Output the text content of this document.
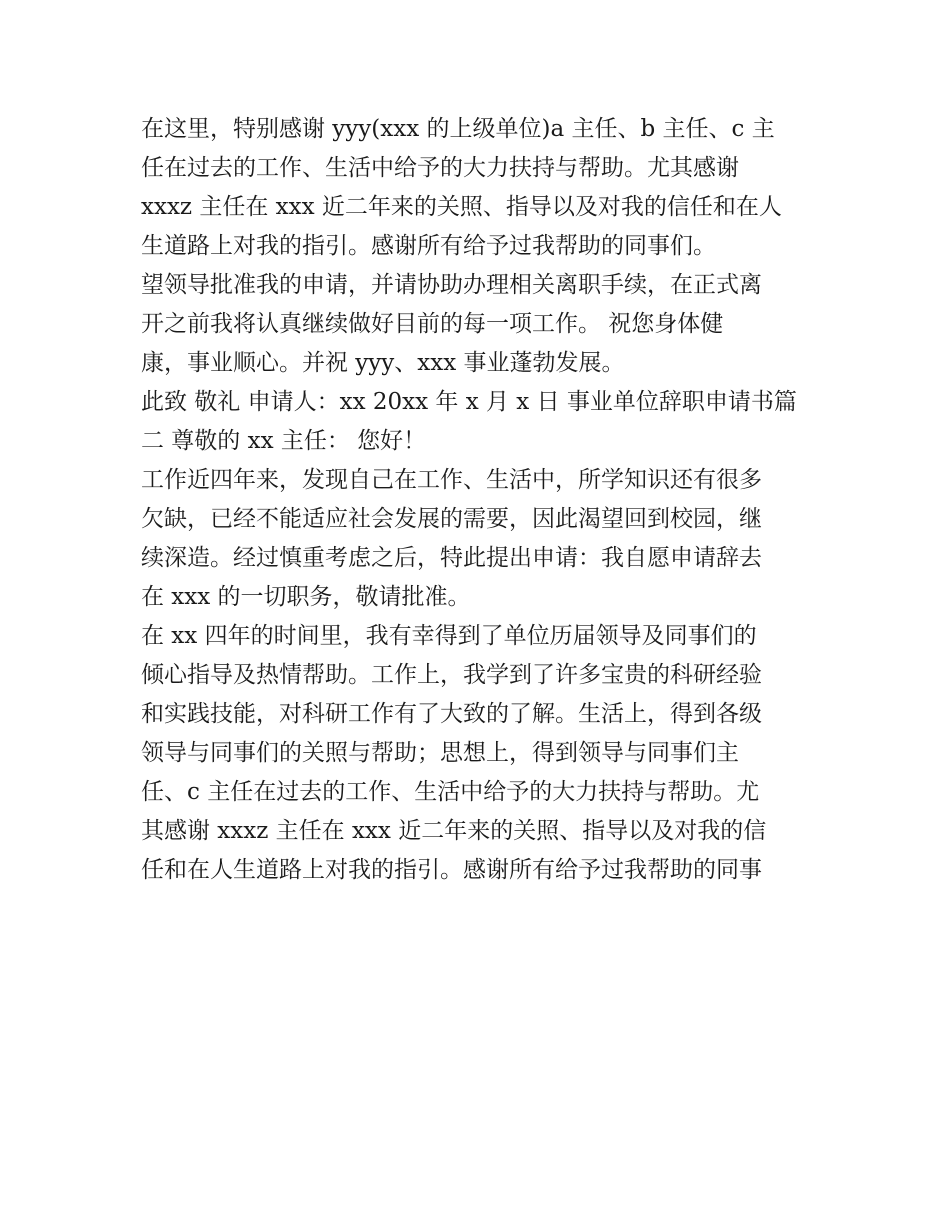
在这里，特别感谢 yyy(xxx 的上级单位)a 主任、b 主任、c 主

任在过去的工作、生活中给予的大力扶持与帮助。尤其感谢

xxxz 主任在 xxx 近二年来的关照、指导以及对我的信任和在人

生道路上对我的指引。感谢所有给予过我帮助的同事们。

望领导批准我的申请，并请协助办理相关离职手续，在正式离

开之前我将认真继续做好目前的每一项工作。 祝您身体健

康，事业顺心。并祝 yyy、xxx 事业蓬勃发展。

此致 敬礼 申请人：xx 20xx 年 x 月 x 日 事业单位辞职申请书篇

二 尊敬的 xx 主任： 您好！

工作近四年来，发现自己在工作、生活中，所学知识还有很多

欠缺，已经不能适应社会发展的需要，因此渴望回到校园，继

续深造。经过慎重考虑之后，特此提出申请：我自愿申请辞去

在 xxx 的一切职务，敬请批准。

在 xx 四年的时间里，我有幸得到了单位历届领导及同事们的

倾心指导及热情帮助。工作上，我学到了许多宝贵的科研经验

和实践技能，对科研工作有了大致的了解。生活上，得到各级

领导与同事们的关照与帮助；思想上，得到领导与同事们主

任、c 主任在过去的工作、生活中给予的大力扶持与帮助。尤

其感谢 xxxz 主任在 xxx 近二年来的关照、指导以及对我的信

任和在人生道路上对我的指引。感谢所有给予过我帮助的同事
